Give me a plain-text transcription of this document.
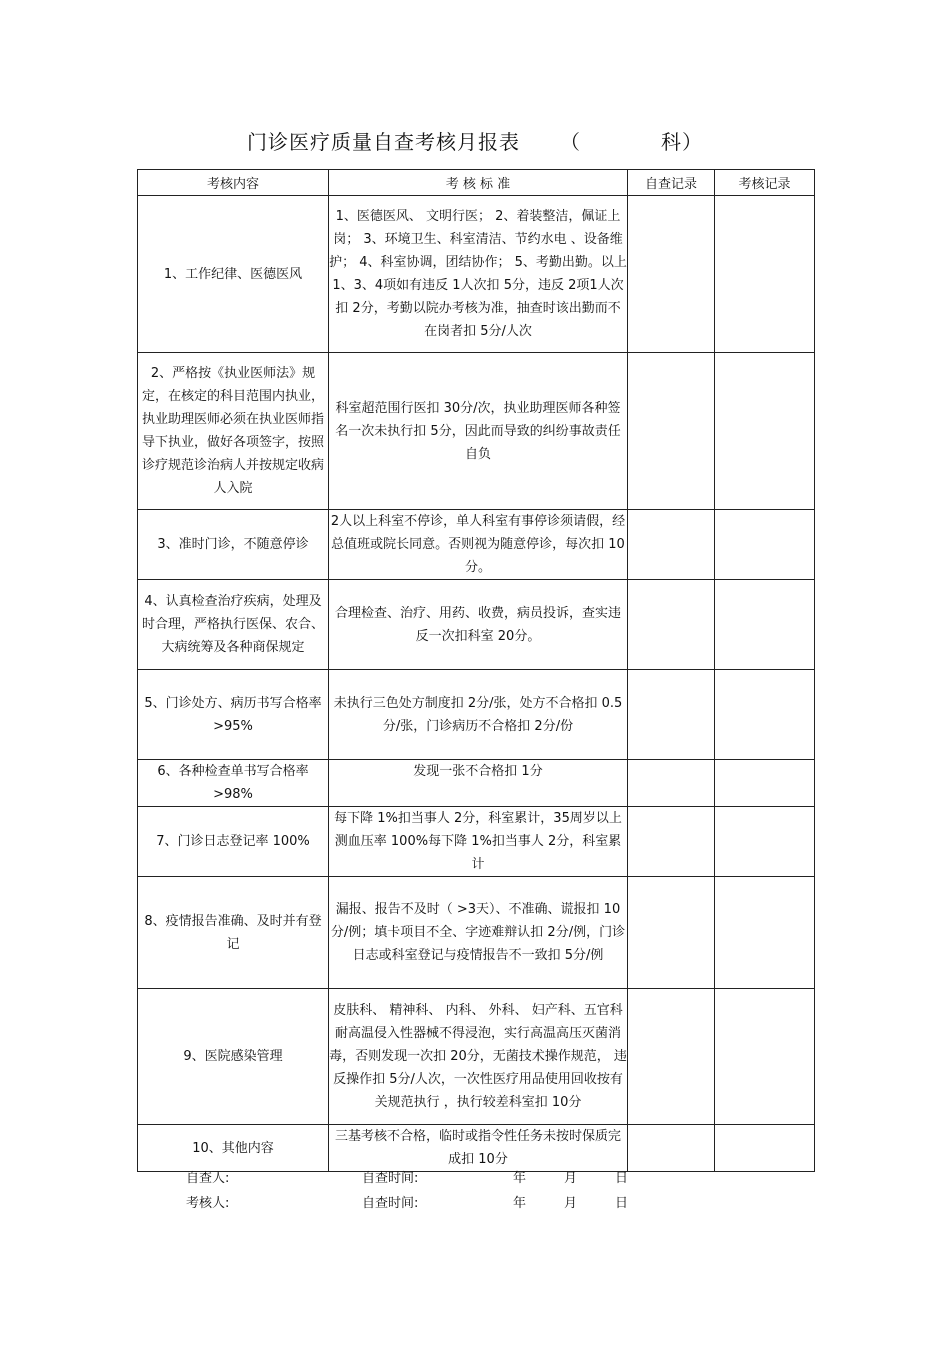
门诊医疗质量自查考核月报表 （	科）
考核内容	考 核 标 准	自查记录	考核记录
1、工作纪律、医德医风	1、医德医风、 文明行医； 2、着装整洁，佩证上岗； 3、环境卫生、科室清洁、节约水电 、设备维护； 4、科室协调，团结协作； 5、考勤出勤。以上 1、3、4项如有违反 1人次扣 5分，违反 2项1人次扣 2分，考勤以院办考核为准，抽查时该出勤而不在岗者扣 5分/人次		
2、严格按《执业医师法》规定，在核定的科目范围内执业，执业助理医师必须在执业医师指导下执业，做好各项签字，按照诊疗规范诊治病人并按规定收病人入院	科室超范围行医扣 30分/次，执业助理医师各种签名一次未执行扣 5分，因此而导致的纠纷事故责任自负		
3、准时门诊，不随意停诊	2人以上科室不停诊，单人科室有事停诊须请假，经总值班或院长同意。否则视为随意停诊，每次扣 10分。		
4、认真检查治疗疾病，处理及时合理，严格执行医保、农合、大病统筹及各种商保规定	合理检查、治疗、用药、收费，病员投诉，查实违反一次扣科室 20分。		
5、门诊处方、病历书写合格率 >95%	未执行三色处方制度扣 2分/张，处方不合格扣 0.5分/张，门诊病历不合格扣 2分/份		
6、各种检查单书写合格率 >98%	发现一张不合格扣 1分		
7、门诊日志登记率 100%	每下降 1%扣当事人 2分，科室累计，35周岁以上测血压率 100%每下降 1%扣当事人 2分，科室累计		
8、疫情报告准确、及时并有登记	漏报、报告不及时（ >3天）、不准确、谎报扣 10分/例；填卡项目不全、字迹难辩认扣 2分/例，门诊日志或科室登记与疫情报告不一致扣 5分/例		
9、医院感染管理	皮肤科、 精神科、 内科、 外科、 妇产科、五官科耐高温侵入性器械不得浸泡，实行高温高压灭菌消毒，否则发现一次扣 20分，无菌技术操作规范， 违反操作扣 5分/人次，一次性医疗用品使用回收按有关规范执行 ，执行较差科室扣 10分		
10、其他内容	三基考核不合格，临时或指令性任务未按时保质完成扣 10分		
自查人:	自查时间:	年	月	日
考核人:	自查时间:	年	月	日
